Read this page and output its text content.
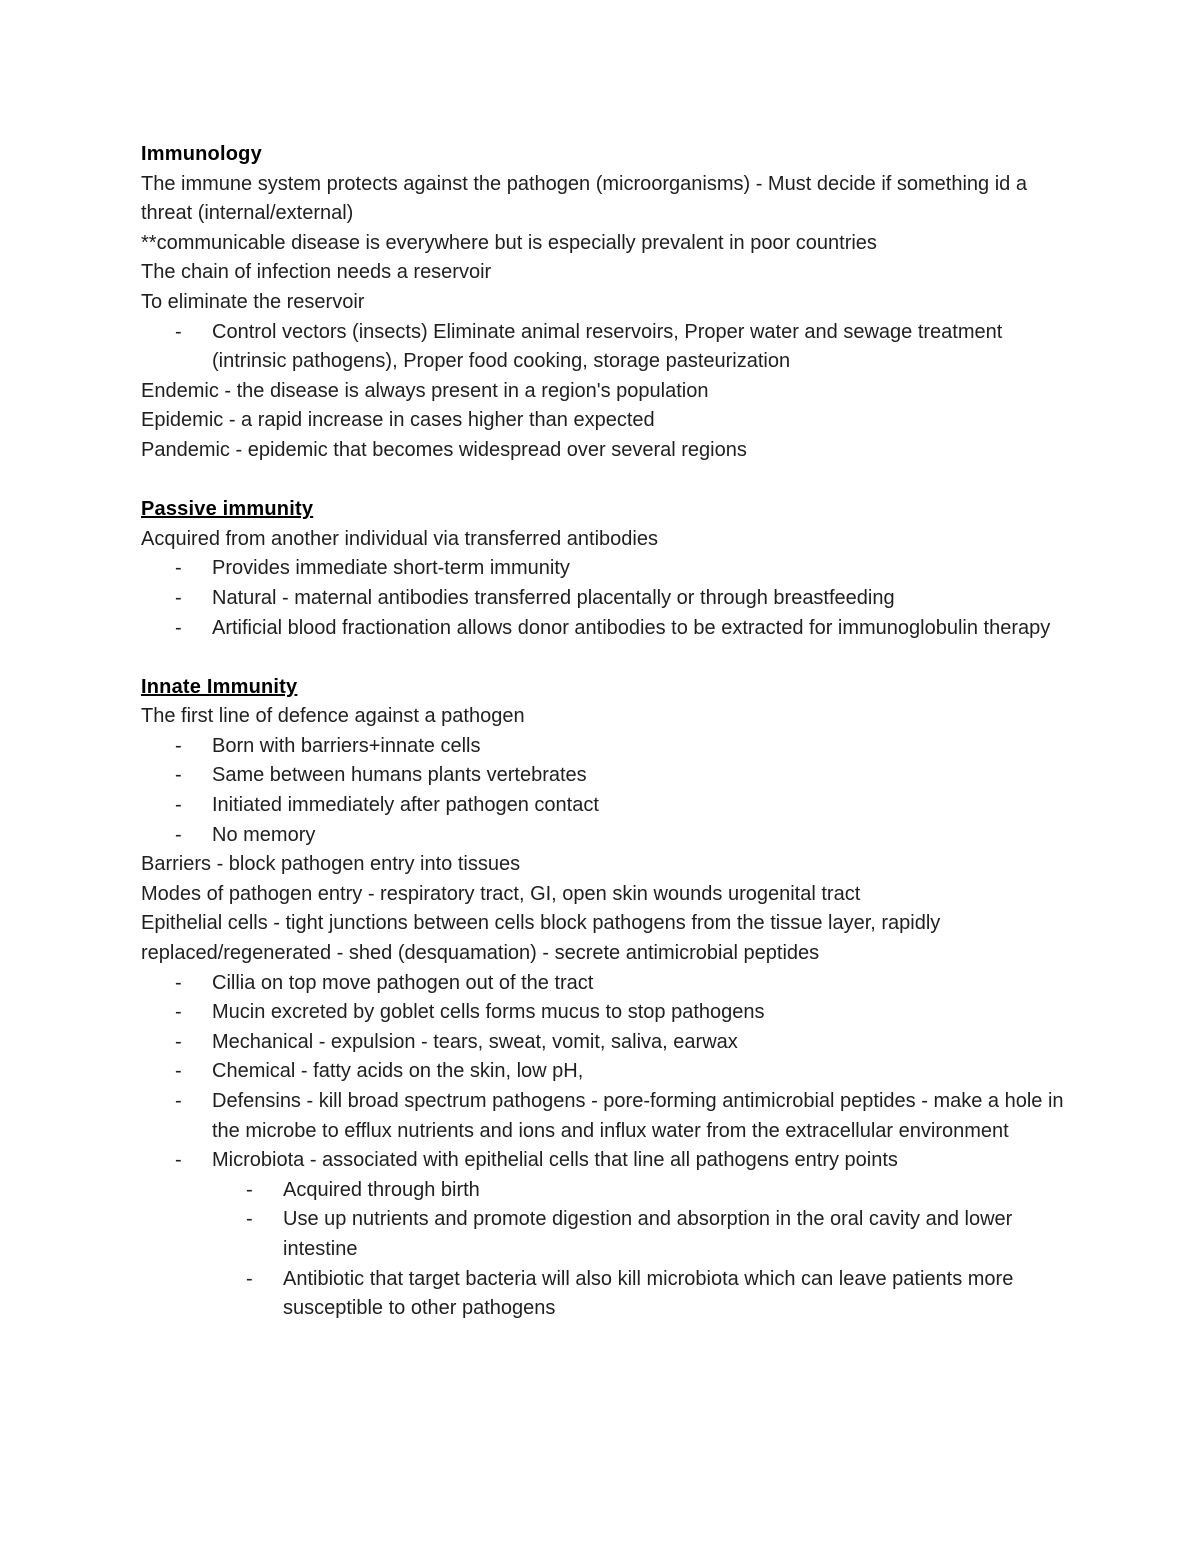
Immunology

The immune system protects against the pathogen (microorganisms) - Must decide if something id a threat (internal/external)

**communicable disease is everywhere but is especially prevalent in poor countries

The chain of infection needs a reservoir

To eliminate the reservoir

- Control vectors (insects) Eliminate animal reservoirs, Proper water and sewage treatment (intrinsic pathogens), Proper food cooking, storage pasteurization

Endemic - the disease is always present in a region's population

Epidemic - a rapid increase in cases higher than expected

Pandemic - epidemic that becomes widespread over several regions

Passive immunity

Acquired from another individual via transferred antibodies

- Provides immediate short-term immunity
- Natural - maternal antibodies transferred placentally or through breastfeeding
- Artificial blood fractionation allows donor antibodies to be extracted for immunoglobulin therapy

Innate Immunity

The first line of defence against a pathogen

- Born with barriers+innate cells
- Same between humans plants vertebrates
- Initiated immediately after pathogen contact
- No memory

Barriers - block pathogen entry into tissues

Modes of pathogen entry - respiratory tract, GI, open skin wounds urogenital tract

Epithelial cells - tight junctions between cells block pathogens from the tissue layer, rapidly replaced/regenerated - shed (desquamation) - secrete antimicrobial peptides

- Cillia on top move pathogen out of the tract
- Mucin excreted by goblet cells forms mucus to stop pathogens
- Mechanical - expulsion - tears, sweat, vomit, saliva, earwax
- Chemical - fatty acids on the skin, low pH,
- Defensins - kill broad spectrum pathogens - pore-forming antimicrobial peptides - make a hole in the microbe to efflux nutrients and ions and influx water from the extracellular environment
- Microbiota - associated with epithelial cells that line all pathogens entry points
- Acquired through birth
- Use up nutrients and promote digestion and absorption in the oral cavity and lower intestine
- Antibiotic that target bacteria will also kill microbiota which can leave patients more susceptible to other pathogens
